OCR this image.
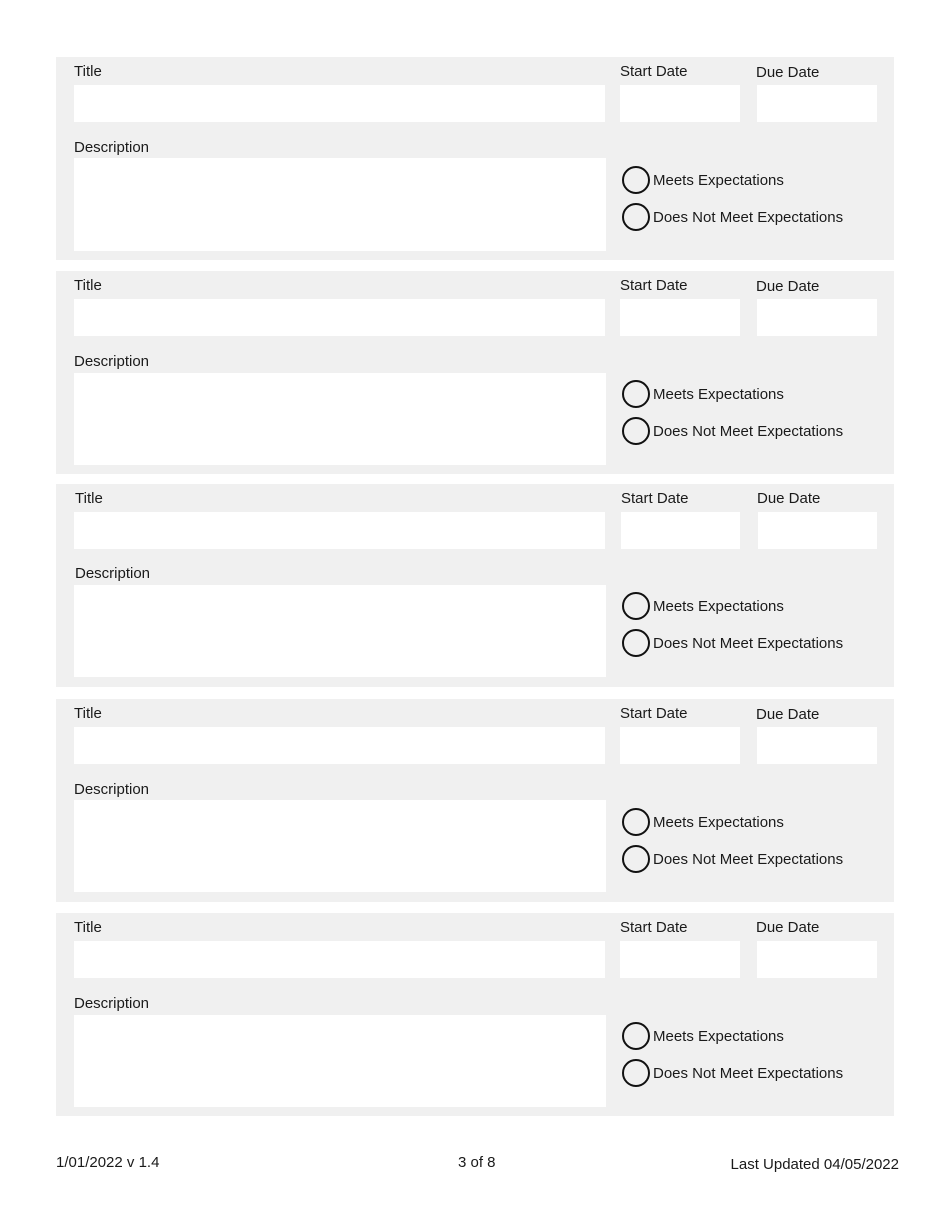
Title	Start Date	Due Date
Description
Meets Expectations
Does Not Meet Expectations
Title	Start Date	Due Date
Description
Meets Expectations
Does Not Meet Expectations
Title	Start Date	Due Date
Description
Meets Expectations
Does Not Meet Expectations
Title	Start Date	Due Date
Description
Meets Expectations
Does Not Meet Expectations
Title	Start Date	Due Date
Description
Meets Expectations
Does Not Meet Expectations
1/01/2022 v 1.4	3 of 8	Last Updated 04/05/2022
